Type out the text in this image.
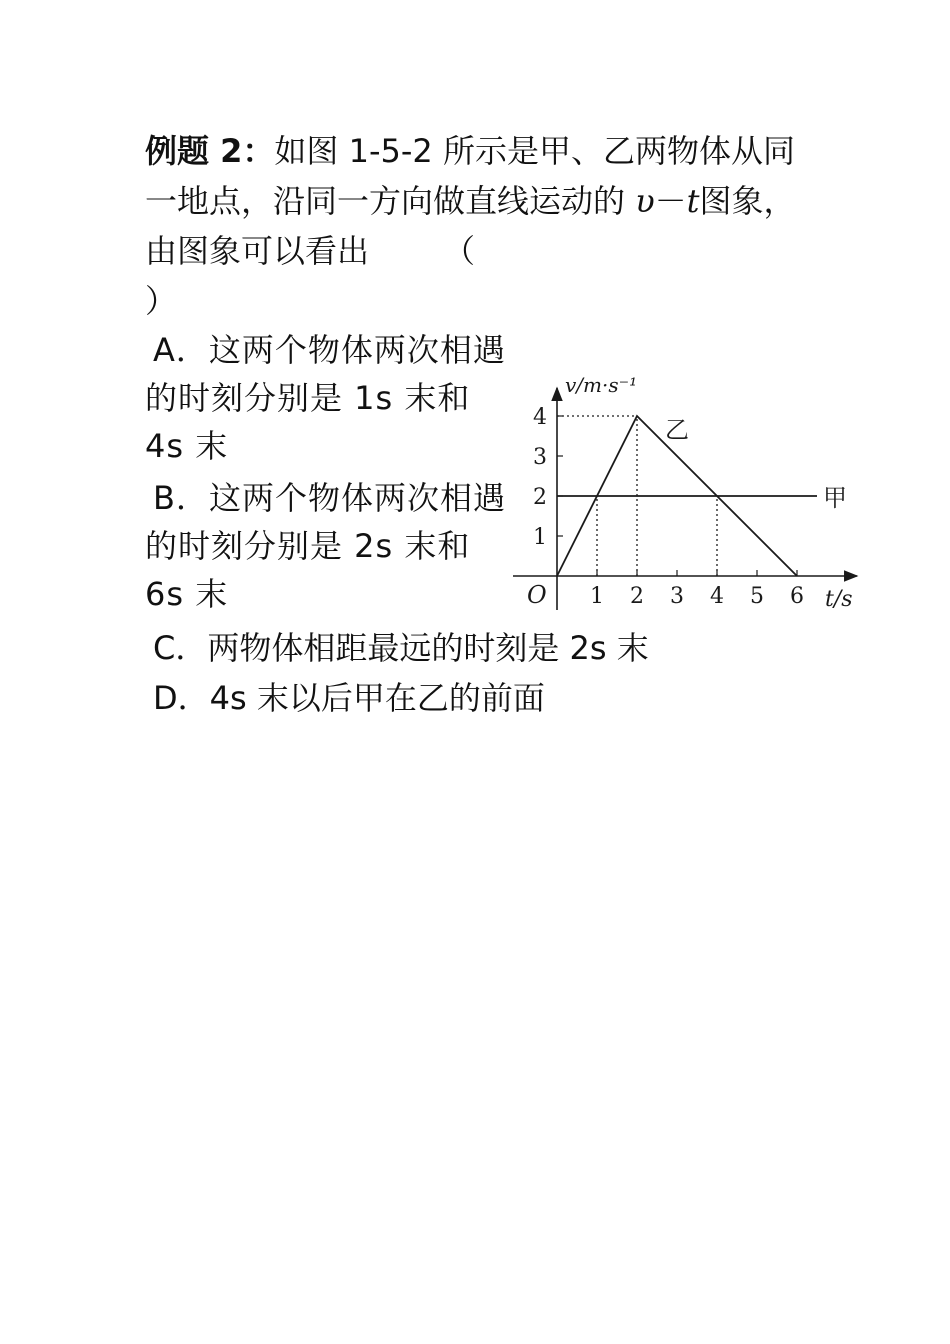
例题 2：如图 1-5-2 所示是甲、乙两物体从同一地点，沿同一方向做直线运动的 υ－t图象，由图象可以看出 （
）
A．这两个物体两次相遇的时刻分别是 1s 末和 4s 末
B．这两个物体两次相遇的时刻分别是 2s 末和 6s 末
C．两物体相距最远的时刻是 2s 末
D．4s 末以后甲在乙的前面
1 2 3 4 5 6
1
2
3
4
甲
乙
v/m·s⁻¹
t/s
O
